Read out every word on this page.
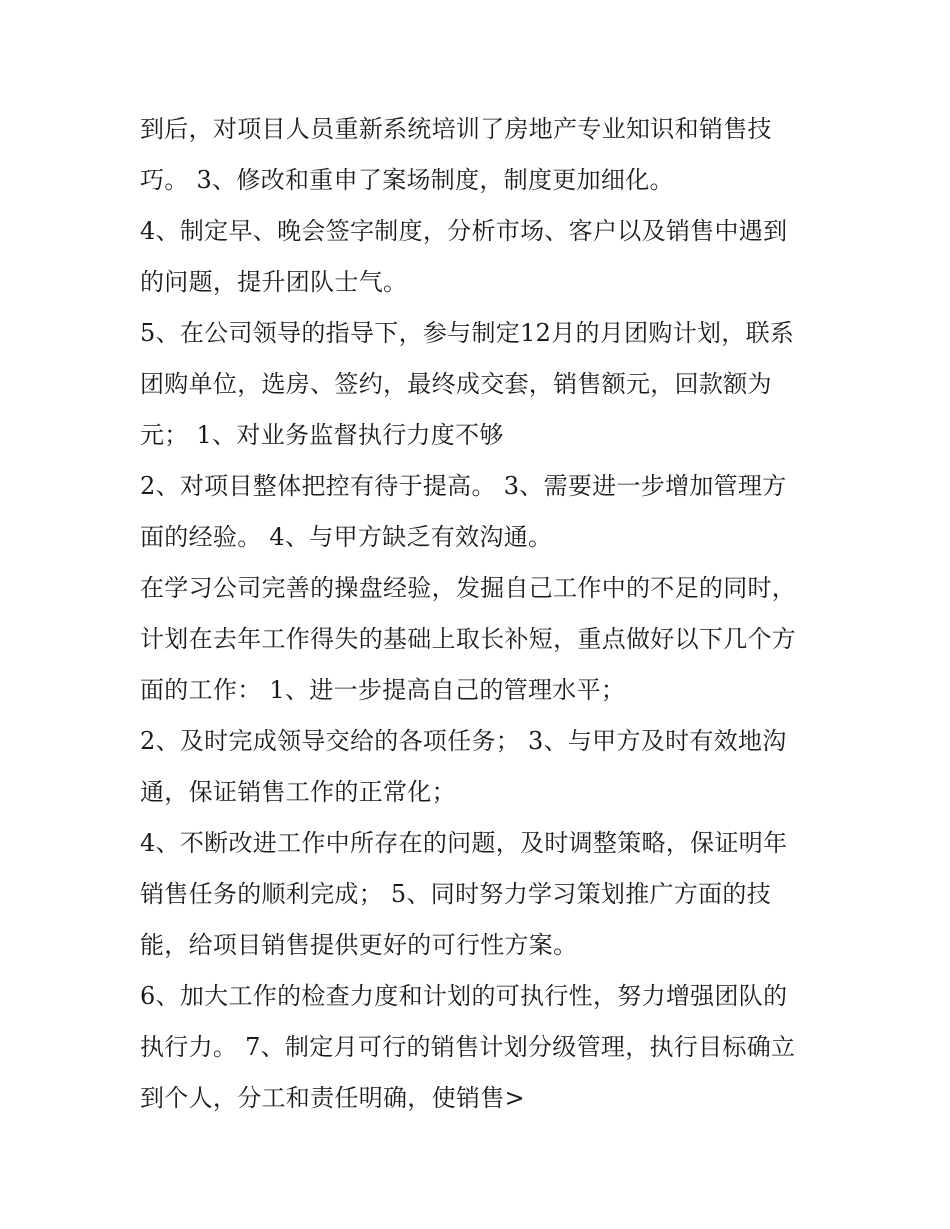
到后，对项目人员重新系统培训了房地产专业知识和销售技
巧。 3、修改和重申了案场制度，制度更加细化。
4、制定早、晚会签字制度，分析市场、客户以及销售中遇到
的问题，提升团队士气。
5、在公司领导的指导下，参与制定12月的月团购计划，联系
团购单位，选房、签约，最终成交套，销售额元，回款额为
元； 1、对业务监督执行力度不够
2、对项目整体把控有待于提高。 3、需要进一步增加管理方
面的经验。 4、与甲方缺乏有效沟通。
在学习公司完善的操盘经验，发掘自己工作中的不足的同时，
计划在去年工作得失的基础上取长补短，重点做好以下几个方
面的工作： 1、进一步提高自己的管理水平；
2、及时完成领导交给的各项任务； 3、与甲方及时有效地沟
通，保证销售工作的正常化；
4、不断改进工作中所存在的问题，及时调整策略，保证明年
销售任务的顺利完成； 5、同时努力学习策划推广方面的技
能，给项目销售提供更好的可行性方案。
6、加大工作的检查力度和计划的可执行性，努力增强团队的
执行力。 7、制定月可行的销售计划分级管理，执行目标确立
到个人，分工和责任明确，使销售>
